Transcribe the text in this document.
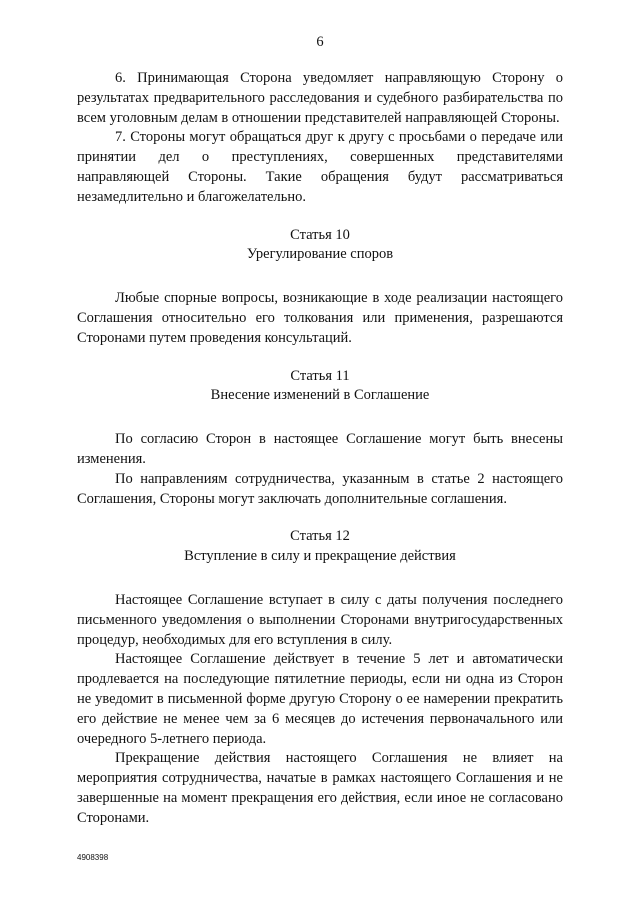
6

6. Принимающая Сторона уведомляет направляющую Сторону о результатах предварительного расследования и судебного разбирательства по всем уголовным делам в отношении представителей направляющей Стороны.

7. Стороны могут обращаться друг к другу с просьбами о передаче или принятии дел о преступлениях, совершенных представителями направляющей Стороны. Такие обращения будут рассматриваться незамедлительно и благожелательно.

Статья 10
Урегулирование споров

Любые спорные вопросы, возникающие в ходе реализации настоящего Соглашения относительно его толкования или применения, разрешаются Сторонами путем проведения консультаций.

Статья 11
Внесение изменений в Соглашение

По согласию Сторон в настоящее Соглашение могут быть внесены изменения.

По направлениям сотрудничества, указанным в статье 2 настоящего Соглашения, Стороны могут заключать дополнительные соглашения.

Статья 12
Вступление в силу и прекращение действия

Настоящее Соглашение вступает в силу с даты получения последнего письменного уведомления о выполнении Сторонами внутригосударственных процедур, необходимых для его вступления в силу.

Настоящее Соглашение действует в течение 5 лет и автоматически продлевается на последующие пятилетние периоды, если ни одна из Сторон не уведомит в письменной форме другую Сторону о ее намерении прекратить его действие не менее чем за 6 месяцев до истечения первоначального или очередного 5-летнего периода.

Прекращение действия настоящего Соглашения не влияет на мероприятия сотрудничества, начатые в рамках настоящего Соглашения и не завершенные на момент прекращения его действия, если иное не согласовано Сторонами.

4908398
